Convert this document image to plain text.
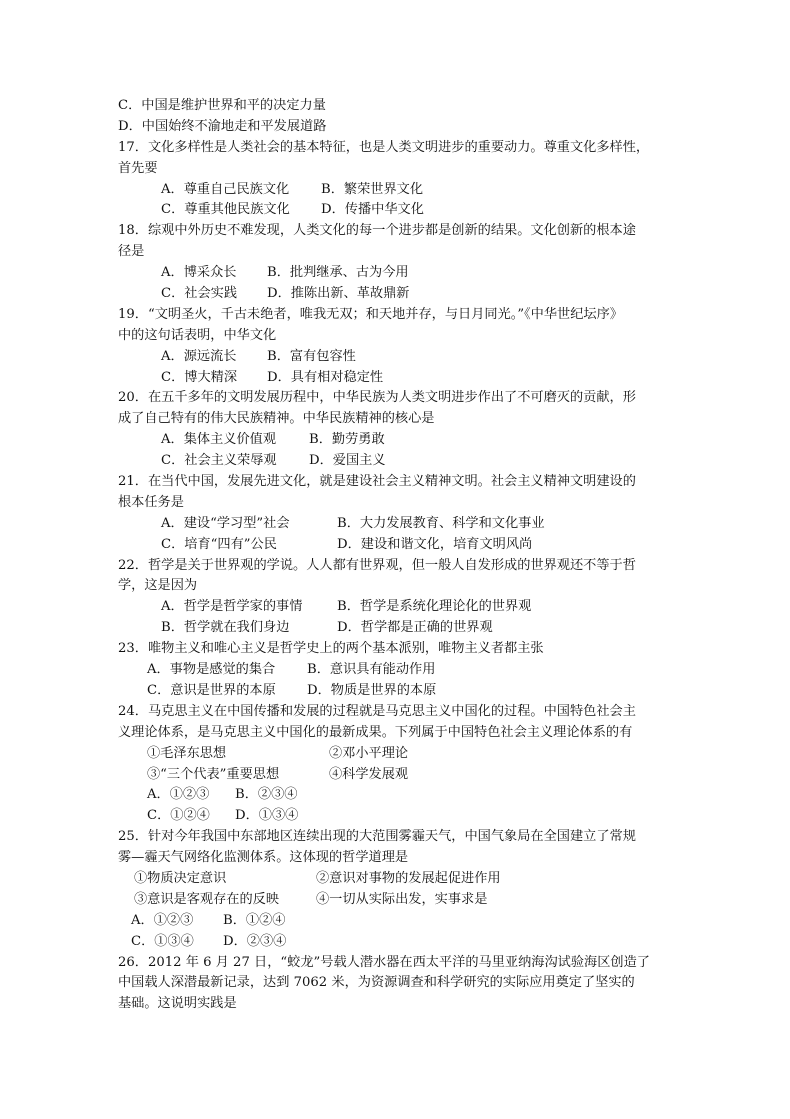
C．中国是维护世界和平的决定力量
D．中国始终不渝地走和平发展道路
17．文化多样性是人类社会的基本特征，也是人类文明进步的重要动力。尊重文化多样性，
首先要
A．尊重自己民族文化	B．繁荣世界文化
C．尊重其他民族文化	D．传播中华文化
18．综观中外历史不难发现，人类文化的每一个进步都是创新的结果。文化创新的根本途
径是
A．博采众长	B．批判继承、古为今用
C．社会实践	D．推陈出新、革故鼎新
19．“文明圣火，千古未绝者，唯我无双；和天地并存，与日月同光。”《中华世纪坛序》
中的这句话表明，中华文化
A．源远流长	B．富有包容性
C．博大精深	D．具有相对稳定性
20．在五千多年的文明发展历程中，中华民族为人类文明进步作出了不可磨灭的贡献，形
成了自己特有的伟大民族精神。中华民族精神的核心是
A．集体主义价值观	B．勤劳勇敢
C．社会主义荣辱观	D．爱国主义
21．在当代中国，发展先进文化，就是建设社会主义精神文明。社会主义精神文明建设的
根本任务是
A．建设“学习型”社会	B．大力发展教育、科学和文化事业
C．培育“四有”公民	D．建设和谐文化，培育文明风尚
22．哲学是关于世界观的学说。人人都有世界观，但一般人自发形成的世界观还不等于哲
学，这是因为
A．哲学是哲学家的事情	B．哲学是系统化理论化的世界观
B．哲学就在我们身边	D．哲学都是正确的世界观
23．唯物主义和唯心主义是哲学史上的两个基本派别，唯物主义者都主张
A．事物是感觉的集合	B．意识具有能动作用
C．意识是世界的本原	D．物质是世界的本原
24．马克思主义在中国传播和发展的过程就是马克思主义中国化的过程。中国特色社会主
义理论体系，是马克思主义中国化的最新成果。下列属于中国特色社会主义理论体系的有
①毛泽东思想	②邓小平理论
③“三个代表”重要思想	④科学发展观
A．①②③	B．②③④
C．①②④	D．①③④
25．针对今年我国中东部地区连续出现的大范围雾霾天气，中国气象局在全国建立了常规
雾—霾天气网络化监测体系。这体现的哲学道理是
①物质决定意识	②意识对事物的发展起促进作用
③意识是客观存在的反映	④一切从实际出发，实事求是
A．①②③	B．①②④
C．①③④	D．②③④
26．2012 年 6 月 27 日，“蛟龙”号载人潜水器在西太平洋的马里亚纳海沟试验海区创造了
中国载人深潜最新记录，达到 7062 米，为资源调查和科学研究的实际应用奠定了坚实的
基础。这说明实践是
